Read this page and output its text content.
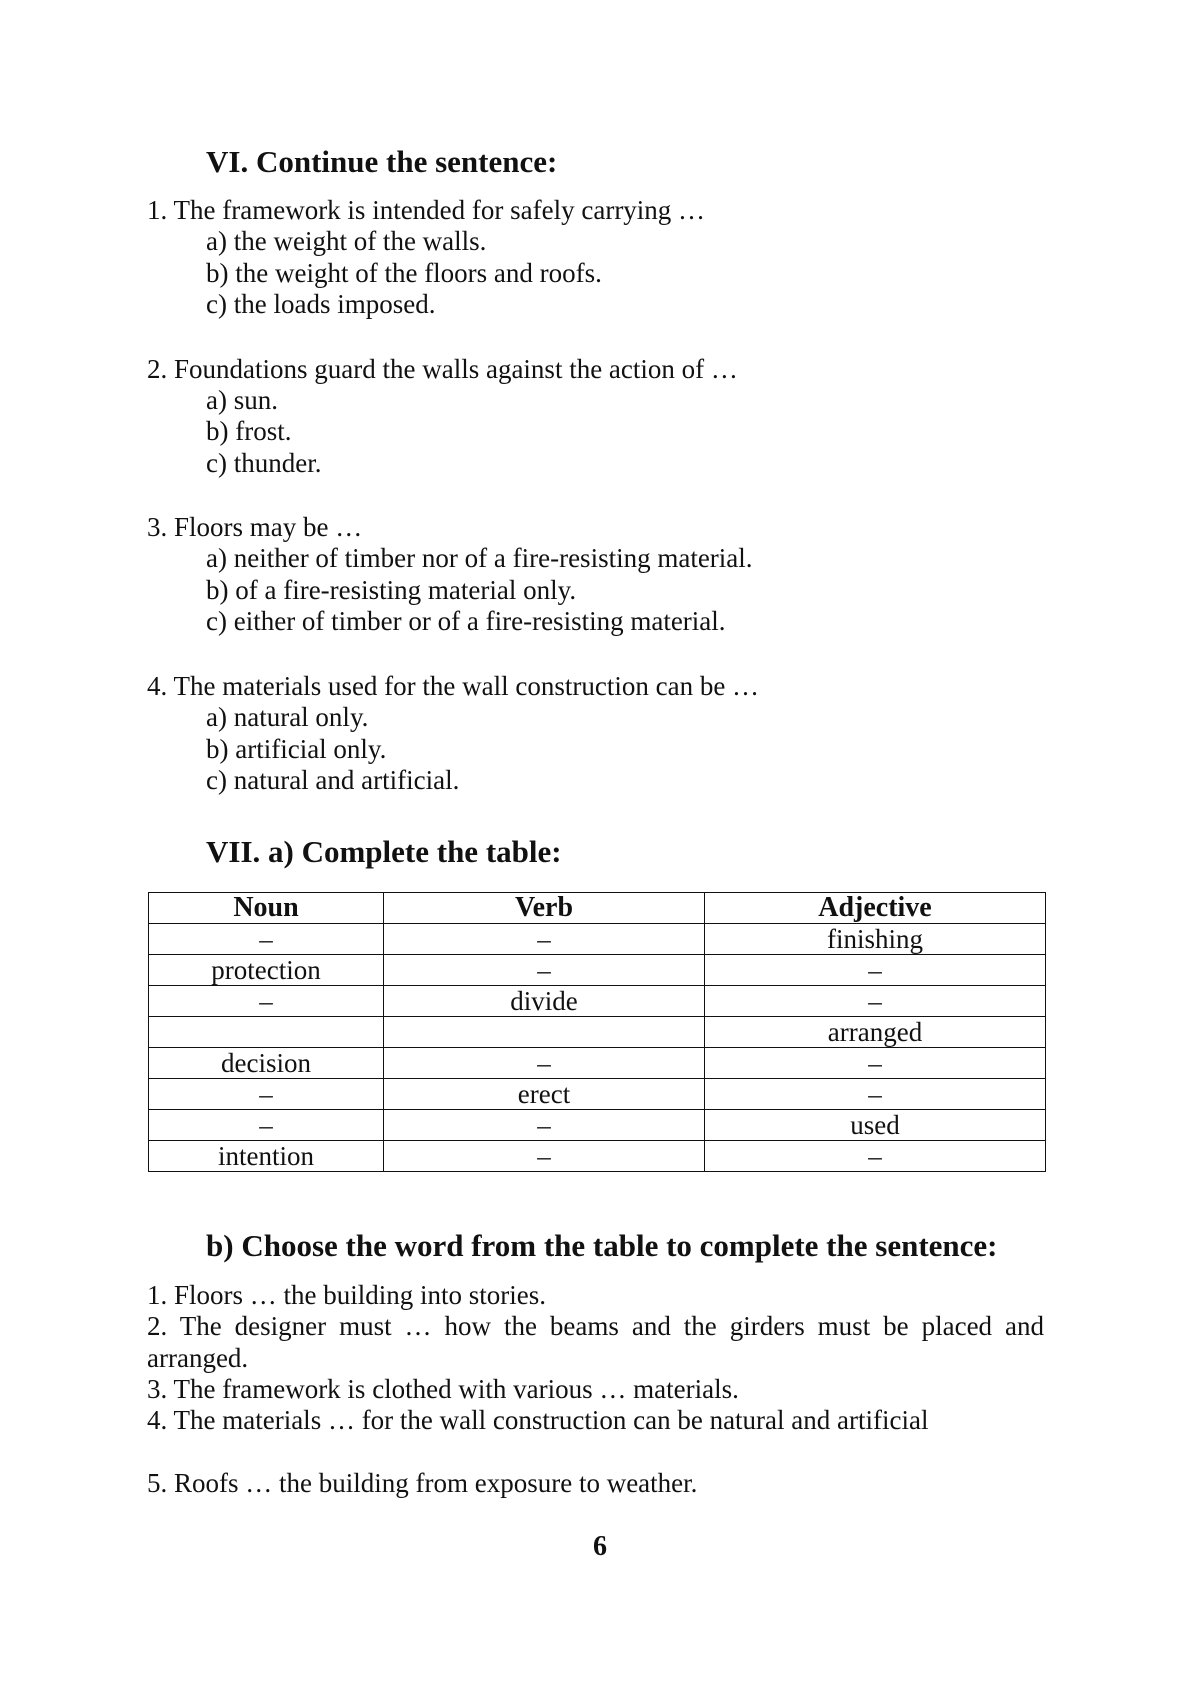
VI. Continue the sentence:
1. The framework is intended for safely carrying …
a) the weight of the walls.
b) the weight of the floors and roofs.
c) the loads imposed.
2. Foundations guard the walls against the action of …
a) sun.
b) frost.
c) thunder.
3. Floors may be …
a) neither of timber nor of a fire-resisting material.
b) of a fire-resisting material only.
c) either of timber or of a fire-resisting material.
4. The materials used for the wall construction can be …
a) natural only.
b) artificial only.
c) natural and artificial.
VII. a) Complete the table:
Noun	Verb	Adjective
–	–	finishing
protection	–	–
–	divide	–
		arranged
decision	–	–
–	erect	–
–	–	used
intention	–	–
b) Choose the word from the table to complete the sentence:
1. Floors … the building into stories.
2. The designer must … how the beams and the girders must be placed and arranged.
3. The framework is clothed with various … materials.
4. The materials … for the wall construction can be natural and artificial
5. Roofs … the building from exposure to weather.
6
